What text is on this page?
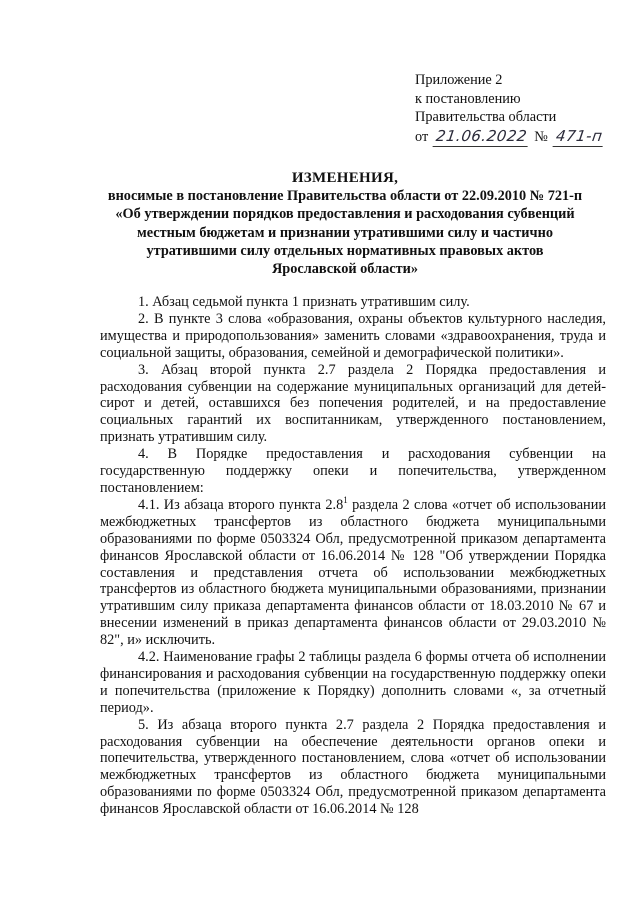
Приложение 2
к постановлению
Правительства области
от 21.06.2022 № 471-п
ИЗМЕНЕНИЯ,
вносимые в постановление Правительства области от 22.09.2010 № 721-п
«Об утверждении порядков предоставления и расходования субвенций
местным бюджетам и признании утратившими силу и частично
утратившими силу отдельных нормативных правовых актов
Ярославской области»

1. Абзац седьмой пункта 1 признать утратившим силу.

2. В пункте 3 слова «образования, охраны объектов культурного наследия, имущества и природопользования» заменить словами «здравоохранения, труда и социальной защиты, образования, семейной и демографической политики».

3. Абзац второй пункта 2.7 раздела 2 Порядка предоставления и расходования субвенции на содержание муниципальных организаций для детей-сирот и детей, оставшихся без попечения родителей, и на предоставление социальных гарантий их воспитанникам, утвержденного постановлением, признать утратившим силу.

4. В Порядке предоставления и расходования субвенции на государственную поддержку опеки и попечительства, утвержденном постановлением:

4.1. Из абзаца второго пункта $2.8^1$ раздела 2 слова «отчет об использовании межбюджетных трансфертов из областного бюджета муниципальными образованиями по форме 0503324 Обл, предусмотренной приказом департамента финансов Ярославской области от 16.06.2014 № 128 "Об утверждении Порядка составления и представления отчета об использовании межбюджетных трансфертов из областного бюджета муниципальными образованиями, признании утратившим силу приказа департамента финансов области от 18.03.2010 № 67 и внесении изменений в приказ департамента финансов области от 29.03.2010 № 82", и» исключить.

4.2. Наименование графы 2 таблицы раздела 6 формы отчета об исполнении финансирования и расходования субвенции на государственную поддержку опеки и попечительства (приложение к Порядку) дополнить словами «, за отчетный период».

5. Из абзаца второго пункта 2.7 раздела 2 Порядка предоставления и расходования субвенции на обеспечение деятельности органов опеки и попечительства, утвержденного постановлением, слова «отчет об использовании межбюджетных трансфертов из областного бюджета муниципальными образованиями по форме 0503324 Обл, предусмотренной приказом департамента финансов Ярославской области от 16.06.2014 № 128
